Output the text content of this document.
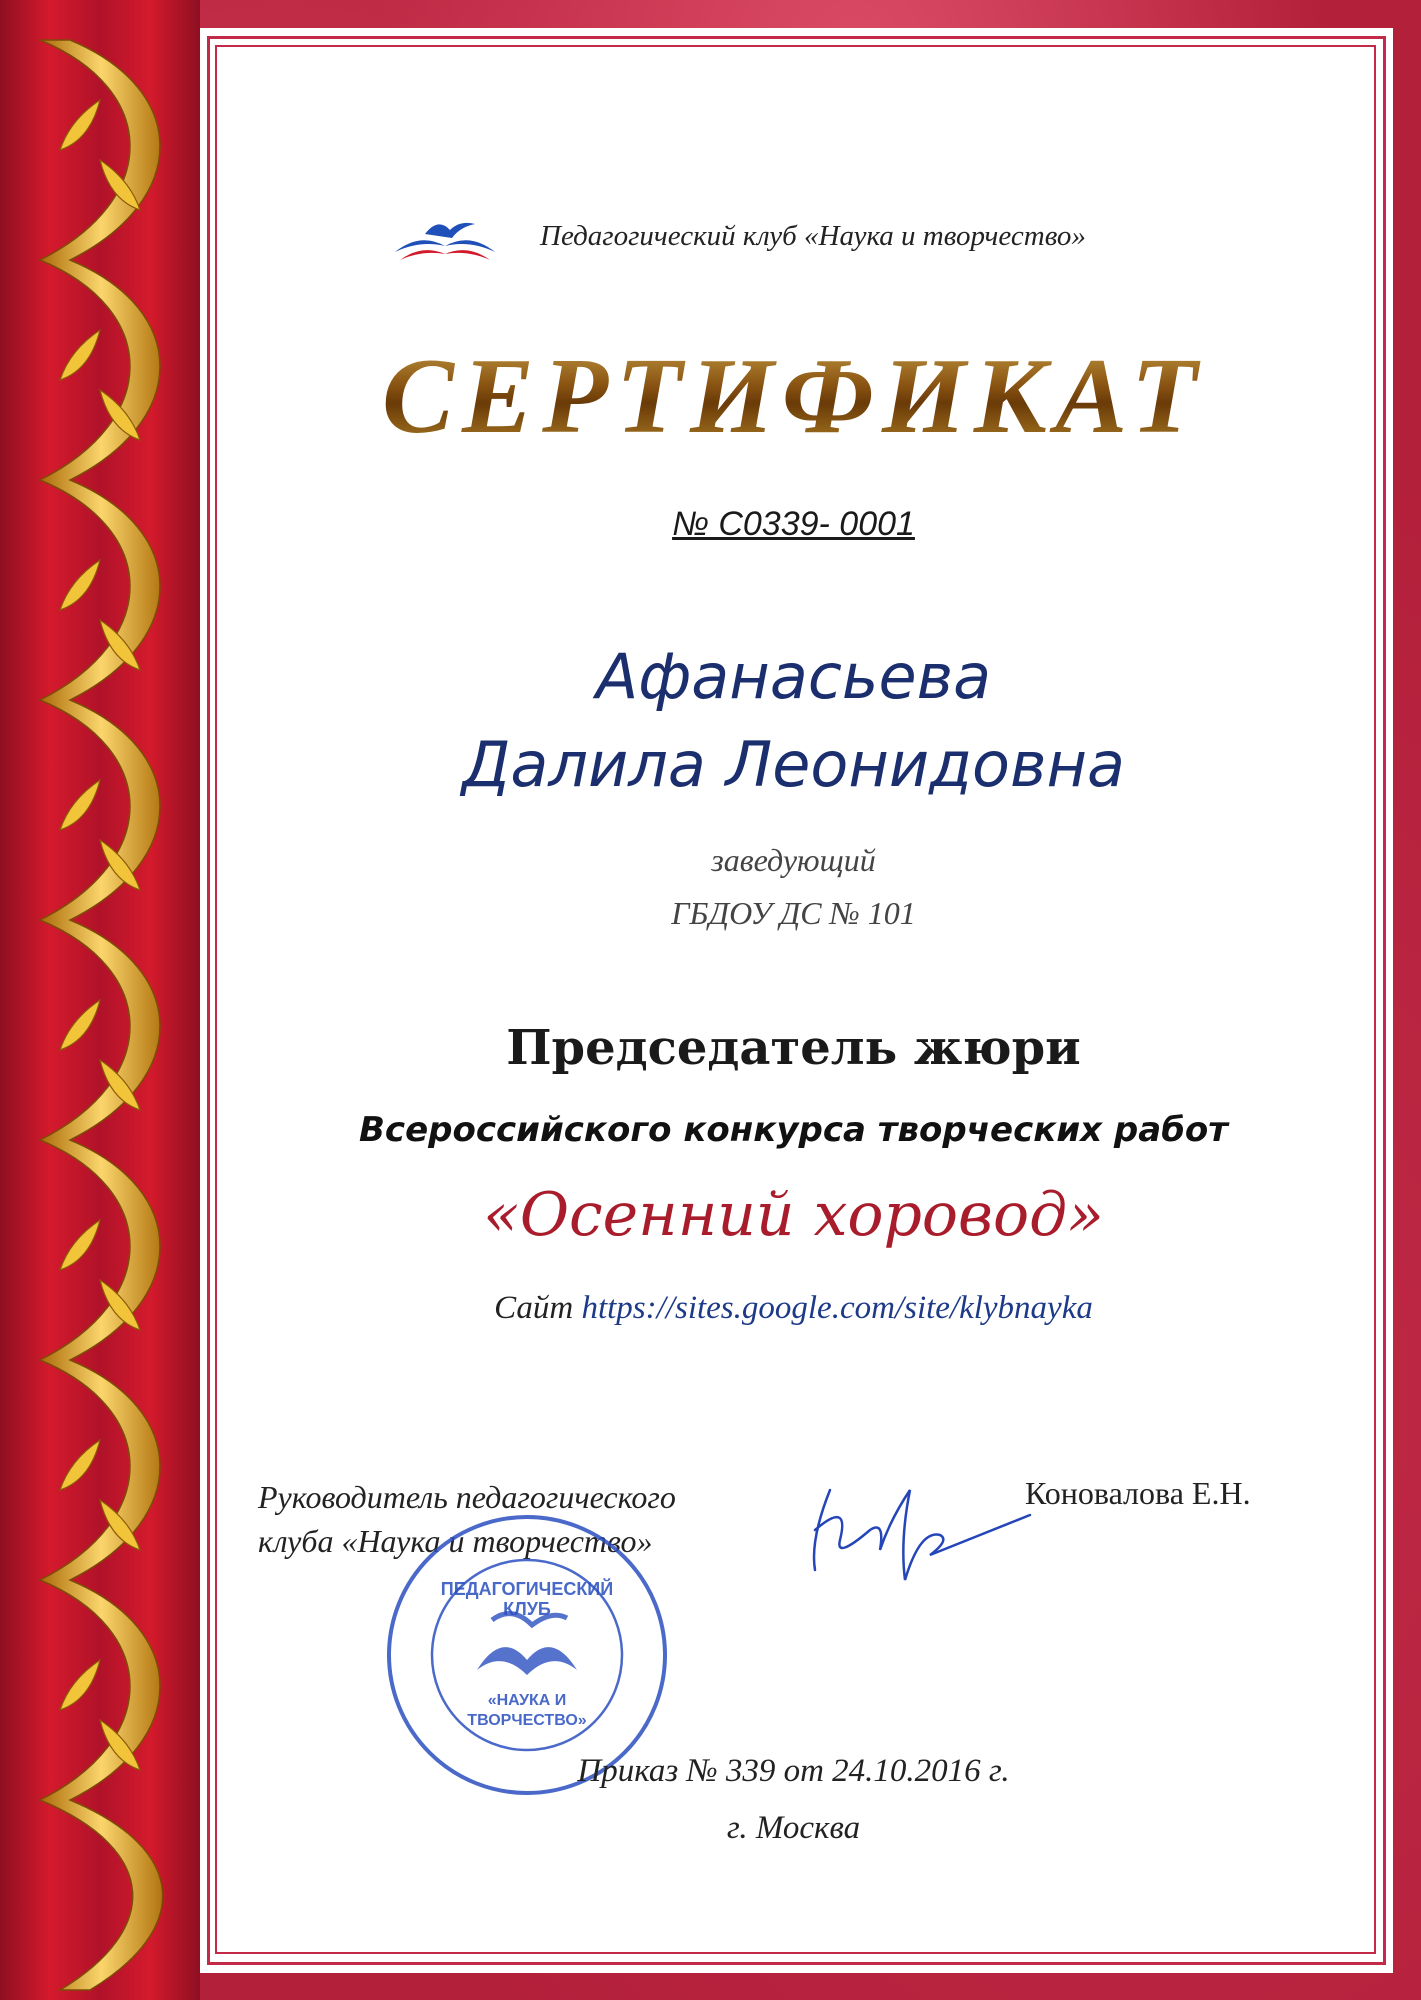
Педагогический клуб «Наука и творчество»
СЕРТИФИКАТ
№ С0339- 0001
Афанасьева
Далила Леонидовна
заведующий
ГБДОУ ДС № 101
Председатель жюри
Всероссийского конкурса творческих работ
«Осенний хоровод»
Сайт https://sites.google.com/site/klybnayka
Руководитель педагогического
клуба «Наука и творчество»
Коновалова Е.Н.
ПЕДАГОГИЧЕСКИЙ
КЛУБ
«НАУКА И
ТВОРЧЕСТВО»
Приказ № 339 от 24.10.2016 г.
г. Москва
